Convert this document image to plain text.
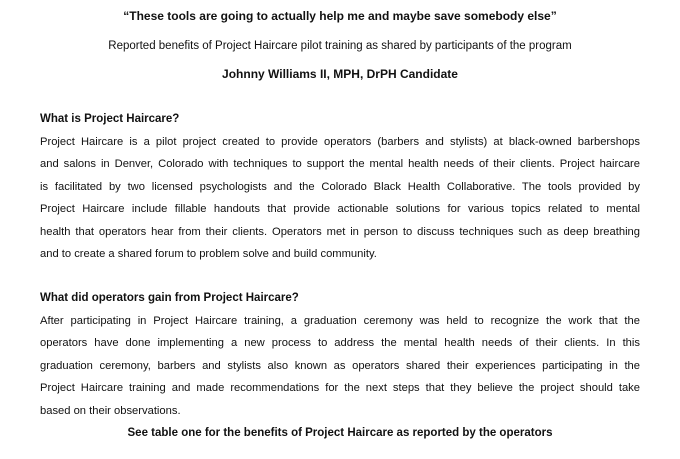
“These tools are going to actually help me and maybe save somebody else”
Reported benefits of Project Haircare pilot training as shared by participants of the program
Johnny Williams II, MPH, DrPH Candidate
What is Project Haircare?
Project Haircare is a pilot project created to provide operators (barbers and stylists) at black-owned barbershops
and salons in Denver, Colorado with techniques to support the mental health needs of their clients. Project haircare
is facilitated by two licensed psychologists and the Colorado Black Health Collaborative. The tools provided by
Project Haircare include fillable handouts that provide actionable solutions for various topics related to mental
health that operators hear from their clients. Operators met in person to discuss techniques such as deep breathing
and to create a shared forum to problem solve and build community.
What did operators gain from Project Haircare?
After participating in Project Haircare training, a graduation ceremony was held to recognize the work that the
operators have done implementing a new process to address the mental health needs of their clients. In this
graduation ceremony, barbers and stylists also known as operators shared their experiences participating in the
Project Haircare training and made recommendations for the next steps that they believe the project should take
based on their observations.
See table one for the benefits of Project Haircare as reported by the operators
